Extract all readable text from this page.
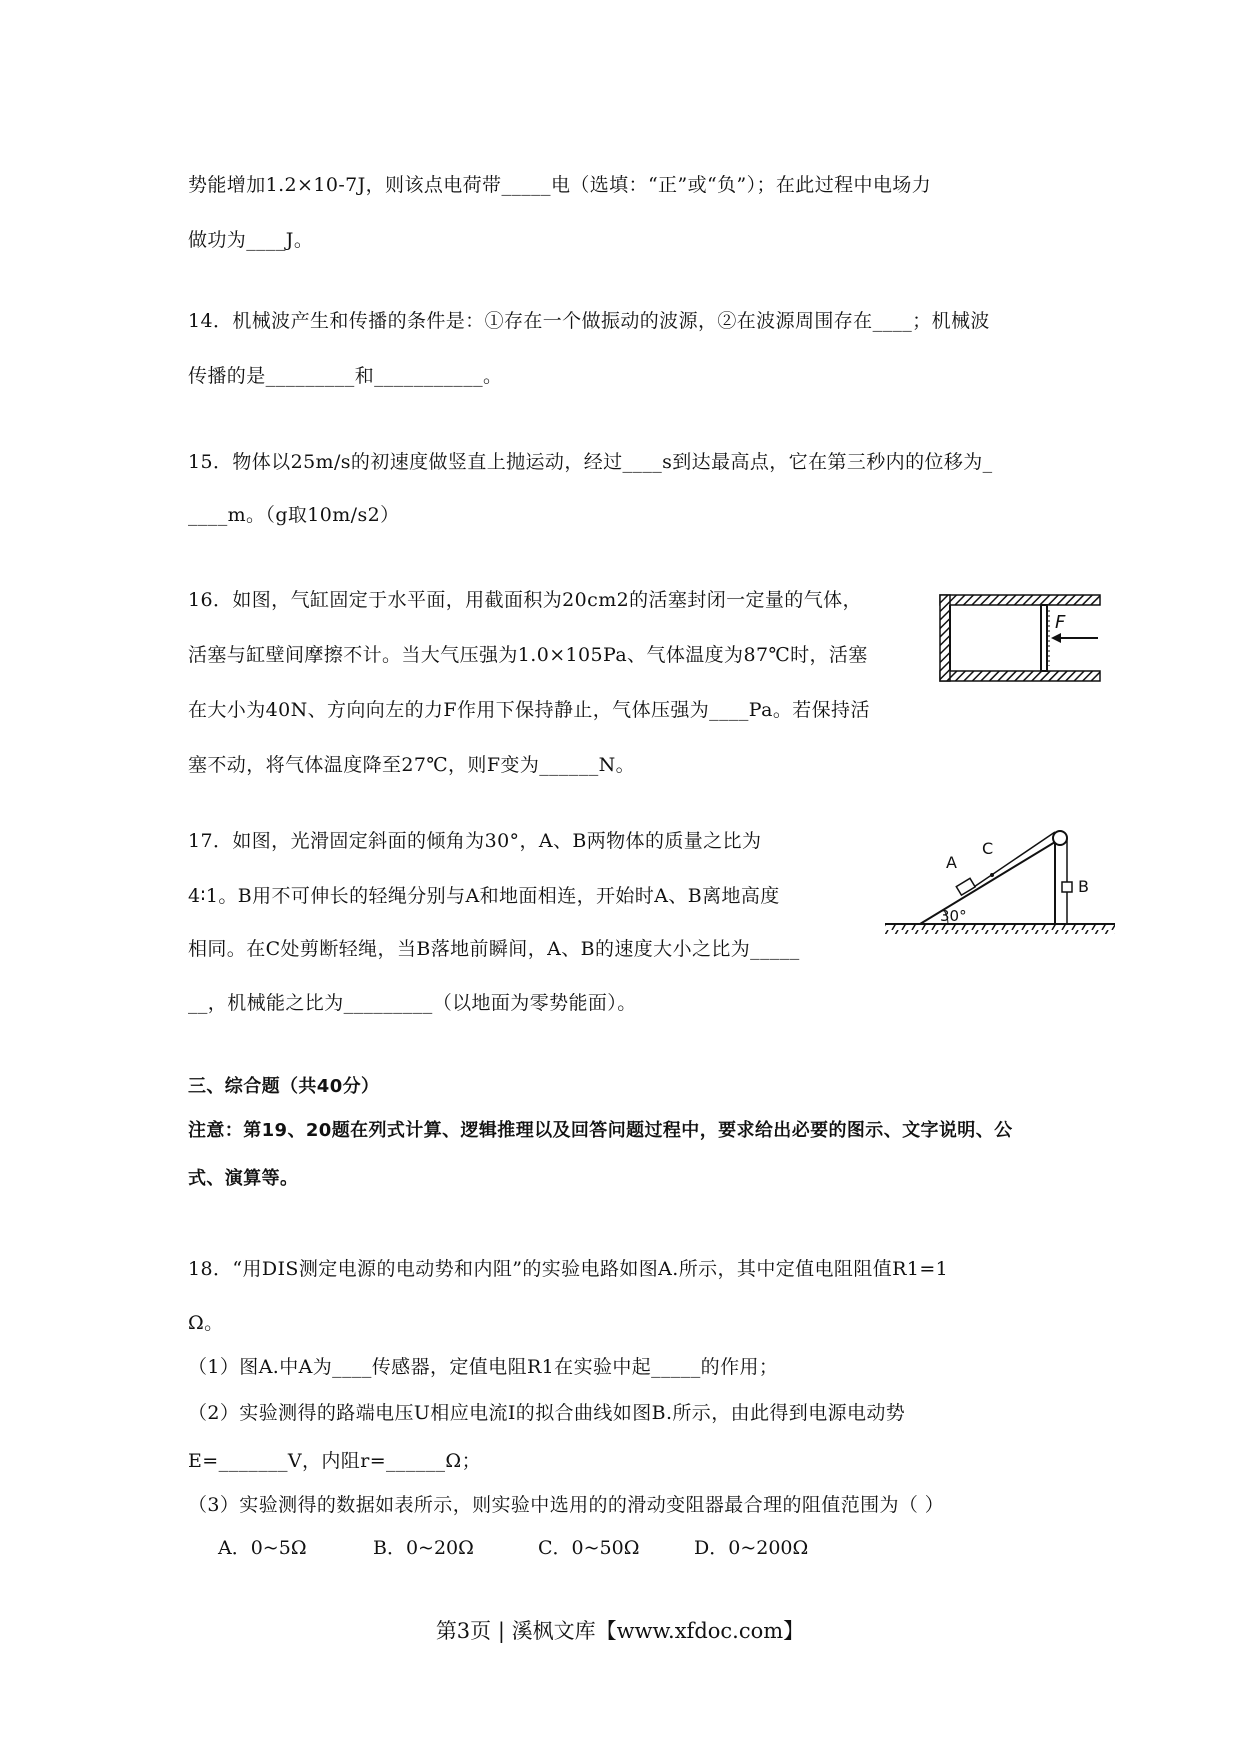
势能增加1.2×10-7J，则该点电荷带_____电（选填：“正”或“负”）；在此过程中电场力
做功为____J。
14．机械波产生和传播的条件是：①存在一个做振动的波源，②在波源周围存在____；机械波
传播的是_________和___________。
15．物体以25m/s的初速度做竖直上抛运动，经过____s到达最高点，它在第三秒内的位移为_
____m。（g取10m/s2）
16．如图，气缸固定于水平面，用截面积为20cm2的活塞封闭一定量的气体，
活塞与缸壁间摩擦不计。当大气压强为1.0×105Pa、气体温度为87℃时，活塞
在大小为40N、方向向左的力F作用下保持静止，气体压强为____Pa。若保持活
塞不动，将气体温度降至27℃，则F变为______N。
17．如图，光滑固定斜面的倾角为30°，A、B两物体的质量之比为
4∶1。B用不可伸长的轻绳分别与A和地面相连，开始时A、B离地高度
相同。在C处剪断轻绳，当B落地前瞬间，A、B的速度大小之比为_____
__，机械能之比为_________（以地面为零势能面）。
三、综合题（共40分）
注意：第19、20题在列式计算、逻辑推理以及回答问题过程中，要求给出必要的图示、文字说明、公
式、演算等。
18．“用DIS测定电源的电动势和内阻”的实验电路如图A.所示，其中定值电阻阻值R1=1
Ω。
（1）图A.中A为____传感器，定值电阻R1在实验中起_____的作用；
（2）实验测得的路端电压U相应电流I的拟合曲线如图B.所示，由此得到电源电动势
E=_______V，内阻r=______Ω；
（3）实验测得的数据如表所示，则实验中选用的的滑动变阻器最合理的阻值范围为（ ）
A．0~5Ω	B．0~20Ω	C．0~50Ω	D．0~200Ω
F
A
C
B
30°
第3页 | 溪枫文库【www.xfdoc.com】
